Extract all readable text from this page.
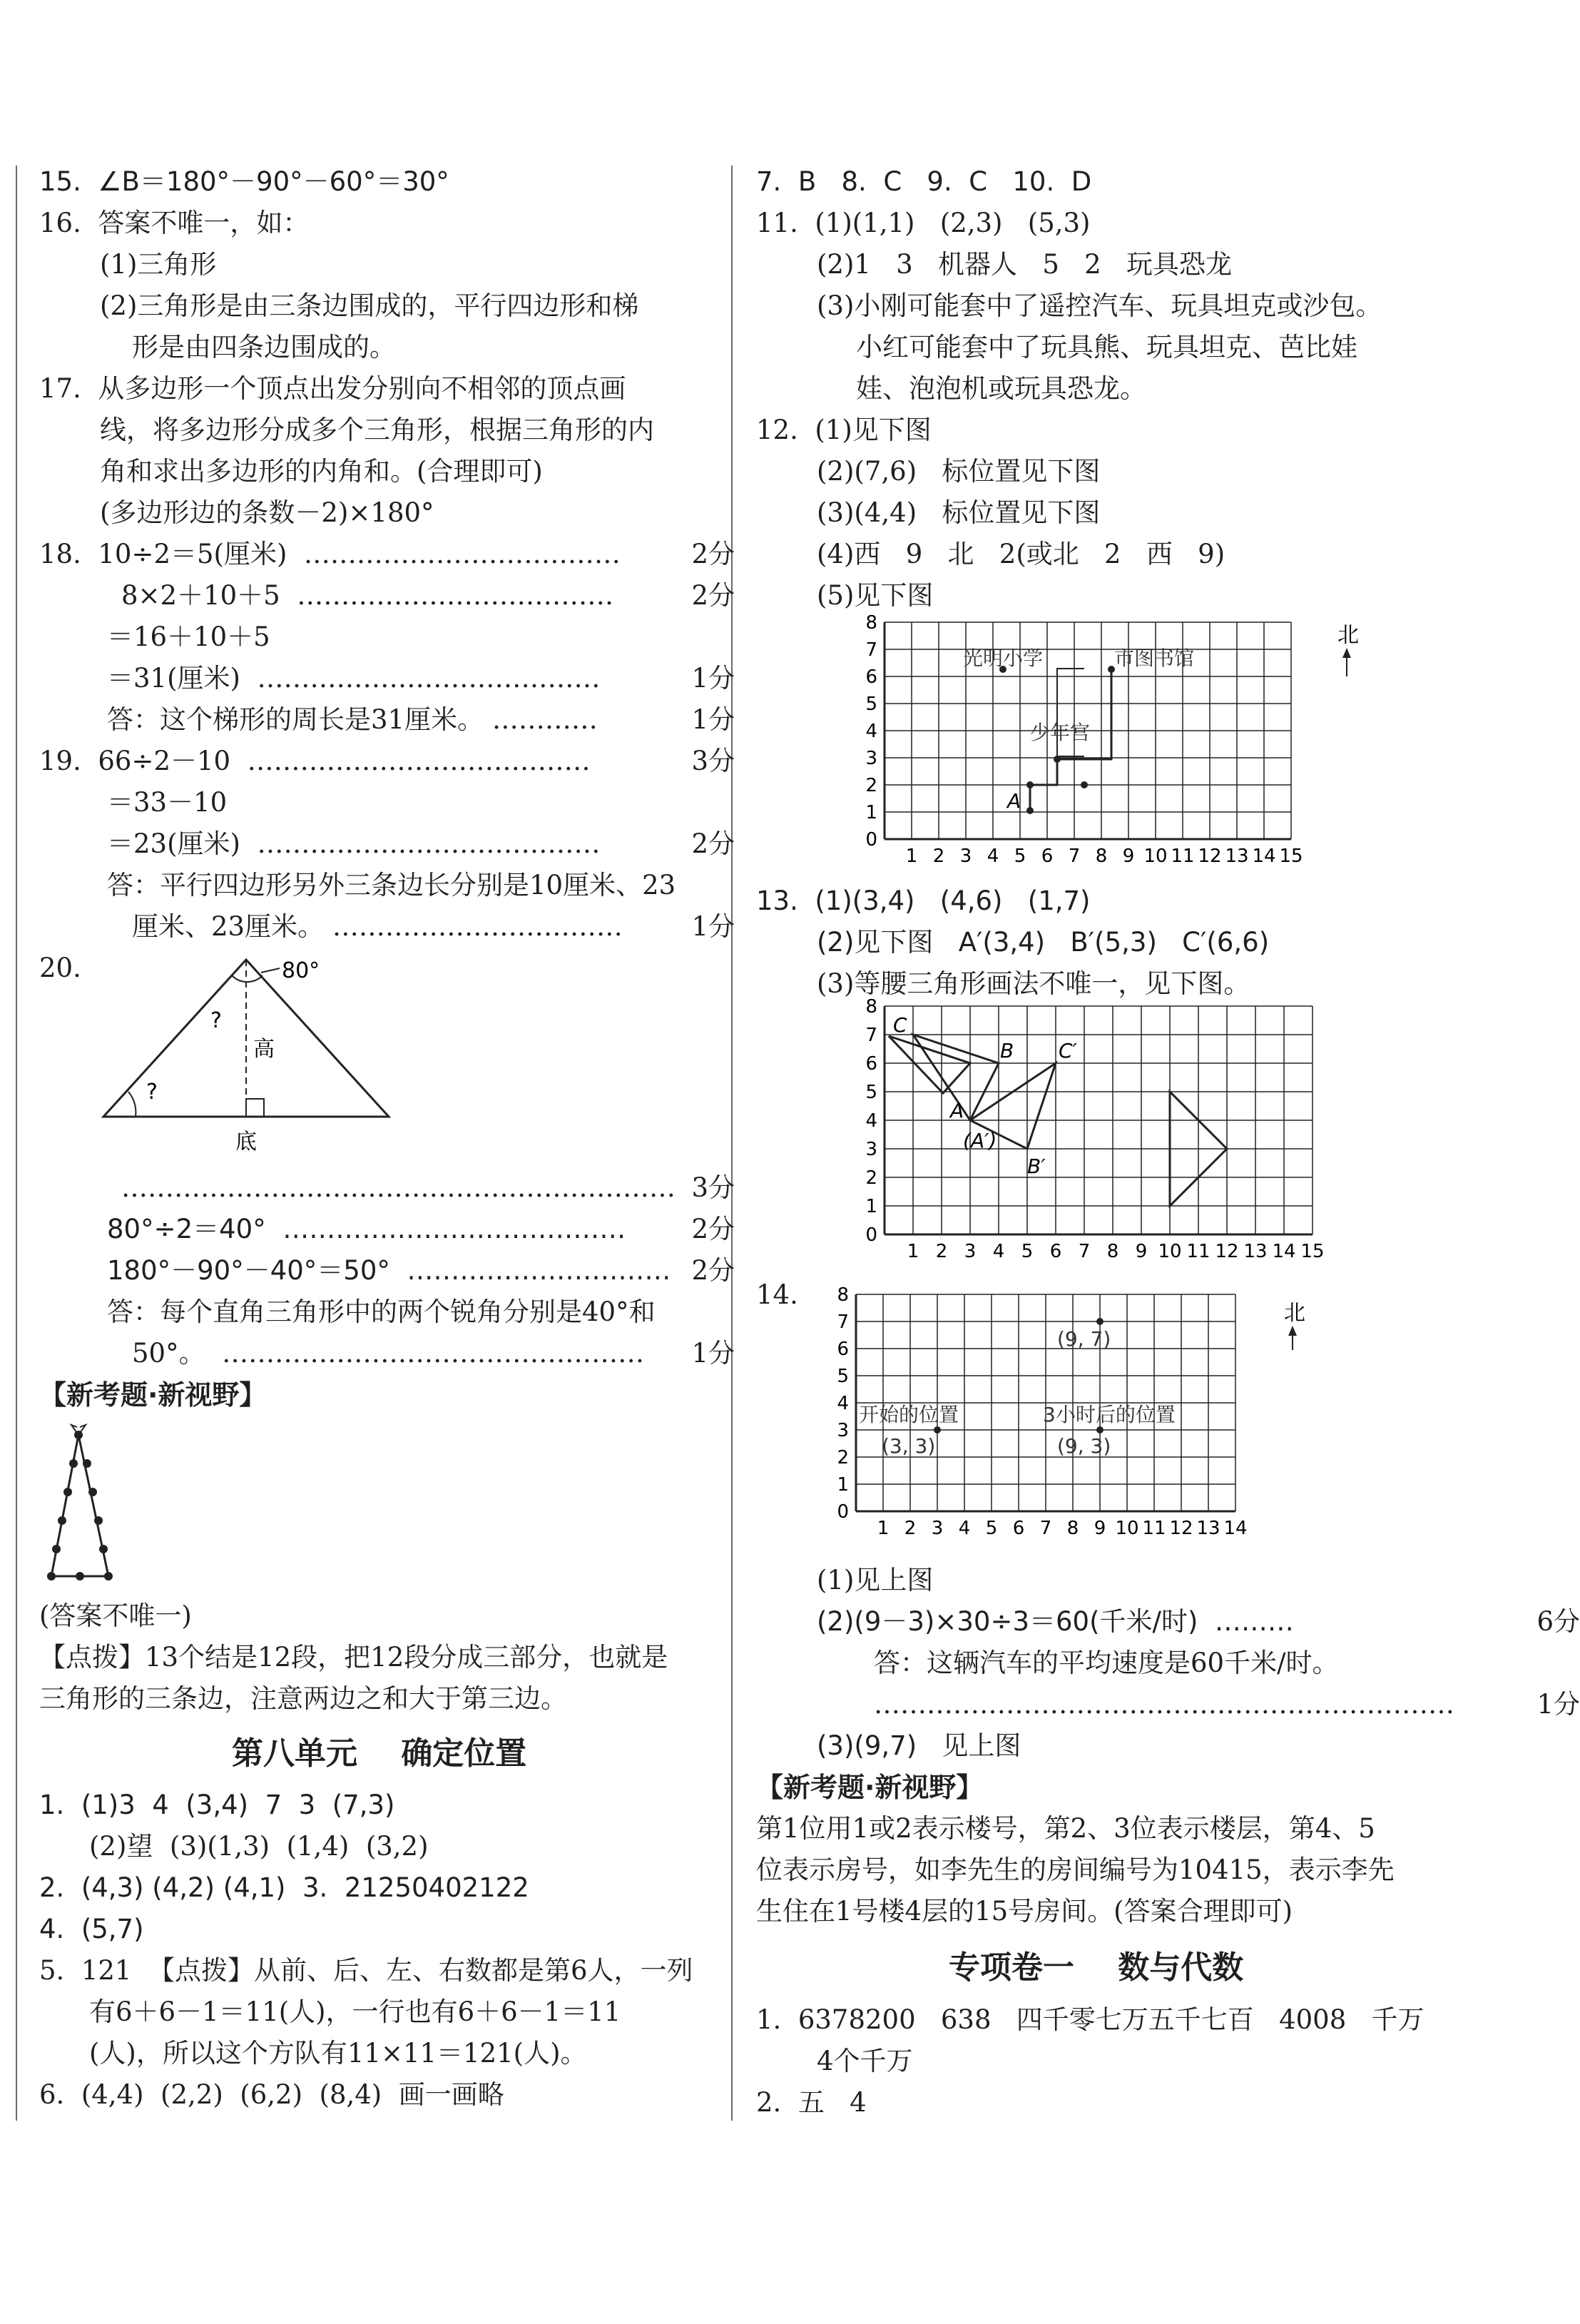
15.  ∠B＝180°－90°－60°＝30°
16.  答案不唯一，如：
(1)三角形
(2)三角形是由三条边围成的，平行四边形和梯
形是由四条边围成的。
17.  从多边形一个顶点出发分别向不相邻的顶点画
线，将多边形分成多个三角形，根据三角形的内
角和求出多边形的内角和。(合理即可)
(多边形边的条数－2)×180°
18.  10÷2＝5(厘米)  ………………………………	2分
8×2＋10＋5  ………………………………	2分
＝16＋10＋5
＝31(厘米)  …………………………………	1分
答：这个梯形的周长是31厘米。 …………	1分
19.  66÷2－10  …………………………………	3分
＝33－10
＝23(厘米)  …………………………………	2分
答：平行四边形另外三条边长分别是10厘米、23
厘米、23厘米。 ……………………………	1分
20.	80°
?
?
高
底
……………………………………………………… 3分
80°÷2＝40°  ………………………………… 2分
180°－90°－40°＝50°  ………………………… 2分
答：每个直角三角形中的两个锐角分别是40°和
50°。  ………………………………………… 1分
【新考题·新视野】
(答案不唯一)
【点拨】13个结是12段，把12段分成三部分，也就是
三角形的三条边，注意两边之和大于第三边。
第八单元    确定位置
1.  (1)3  4  (3,4)  7  3  (7,3)
(2)望  (3)(1,3)  (1,4)  (3,2)
2.  (4,3) (4,2) (4,1)  3.  21250402122
4.  (5,7)
5.  121  【点拨】从前、后、左、右数都是第6人，一列
有6＋6－1＝11(人)，一行也有6＋6－1＝11
(人)，所以这个方队有11×11＝121(人)。
6.  (4,4)  (2,2)  (6,2)  (8,4)  画一画略
7.  B   8.  C   9.  C   10.  D
11.  (1)(1,1)   (2,3)   (5,3)
(2)1   3   机器人   5   2   玩具恐龙
(3)小刚可能套中了遥控汽车、玩具坦克或沙包。
小红可能套中了玩具熊、玩具坦克、芭比娃
娃、泡泡机或玩具恐龙。
12.  (1)见下图
(2)(7,6)   标位置见下图
(3)(4,4)   标位置见下图
(4)西   9   北   2(或北   2   西   9)
(5)见下图
1 2 3 4 5 6 7 8 9 10 11 12 13 14 15
0
1
2
3
4
5
6
7
8	北
光明小学	市图书馆
少年宫
A
13.  (1)(3,4)   (4,6)   (1,7)
(2)见下图   A′(3,4)   B′(5,3)   C′(6,6)
(3)等腰三角形画法不唯一，见下图。
1 2 3 4 5 6 7 8 9 10 11 12 13 14 15
0
1
2
3
4
5
6
7
8
C
B C′
A
(A′)
B′
14.
1 2 3 4 5 6 7 8 9 10 11 12 13 14
0
1
2
3
4
5
6
7
8
北
(9, 7)
开始的位置	3小时后的位置
(3, 3)	(9, 3)
(1)见上图
(2)(9－3)×30÷3＝60(千米/时)  ………	6分
答：这辆汽车的平均速度是60千米/时。
…………………………………………………………	1分
(3)(9,7)   见上图
【新考题·新视野】
第1位用1或2表示楼号，第2、3位表示楼层，第4、5
位表示房号，如李先生的房间编号为10415，表示李先
生住在1号楼4层的15号房间。(答案合理即可)
专项卷一    数与代数
1.  6378200   638   四千零七万五千七百   4008   千万
4个千万
2.  五   4
